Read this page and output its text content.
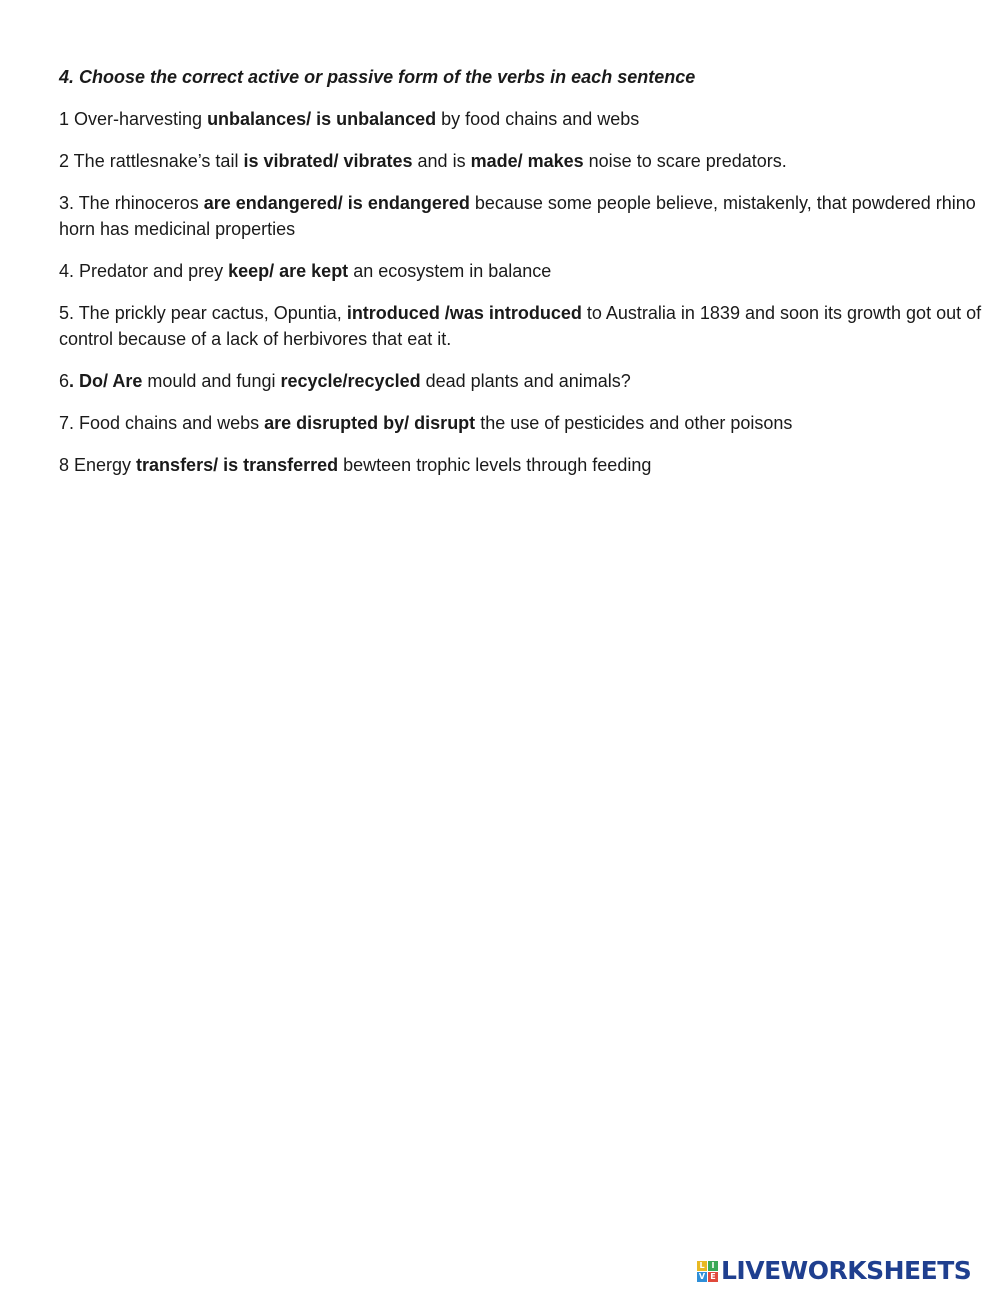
4. Choose the correct active or passive form of the verbs in each sentence

1 Over-harvesting unbalances/ is unbalanced by food chains and webs

2 The rattlesnake’s tail is vibrated/ vibrates and is made/ makes noise to scare predators.

3. The rhinoceros are endangered/ is endangered because some people believe, mistakenly, that powdered rhino horn has medicinal properties

4. Predator and prey keep/ are kept an ecosystem in balance

5. The prickly pear cactus, Opuntia, introduced /was introduced to Australia in 1839 and soon its growth got out of control because of a lack of herbivores that eat it.

6. Do/ Are mould and fungi recycle/recycled dead plants and animals?

7. Food chains and webs are disrupted by/ disrupt the use of pesticides and other poisons

8 Energy transfers/ is transferred bewteen trophic levels through feeding

L I
V E LIVEWORKSHEETS
